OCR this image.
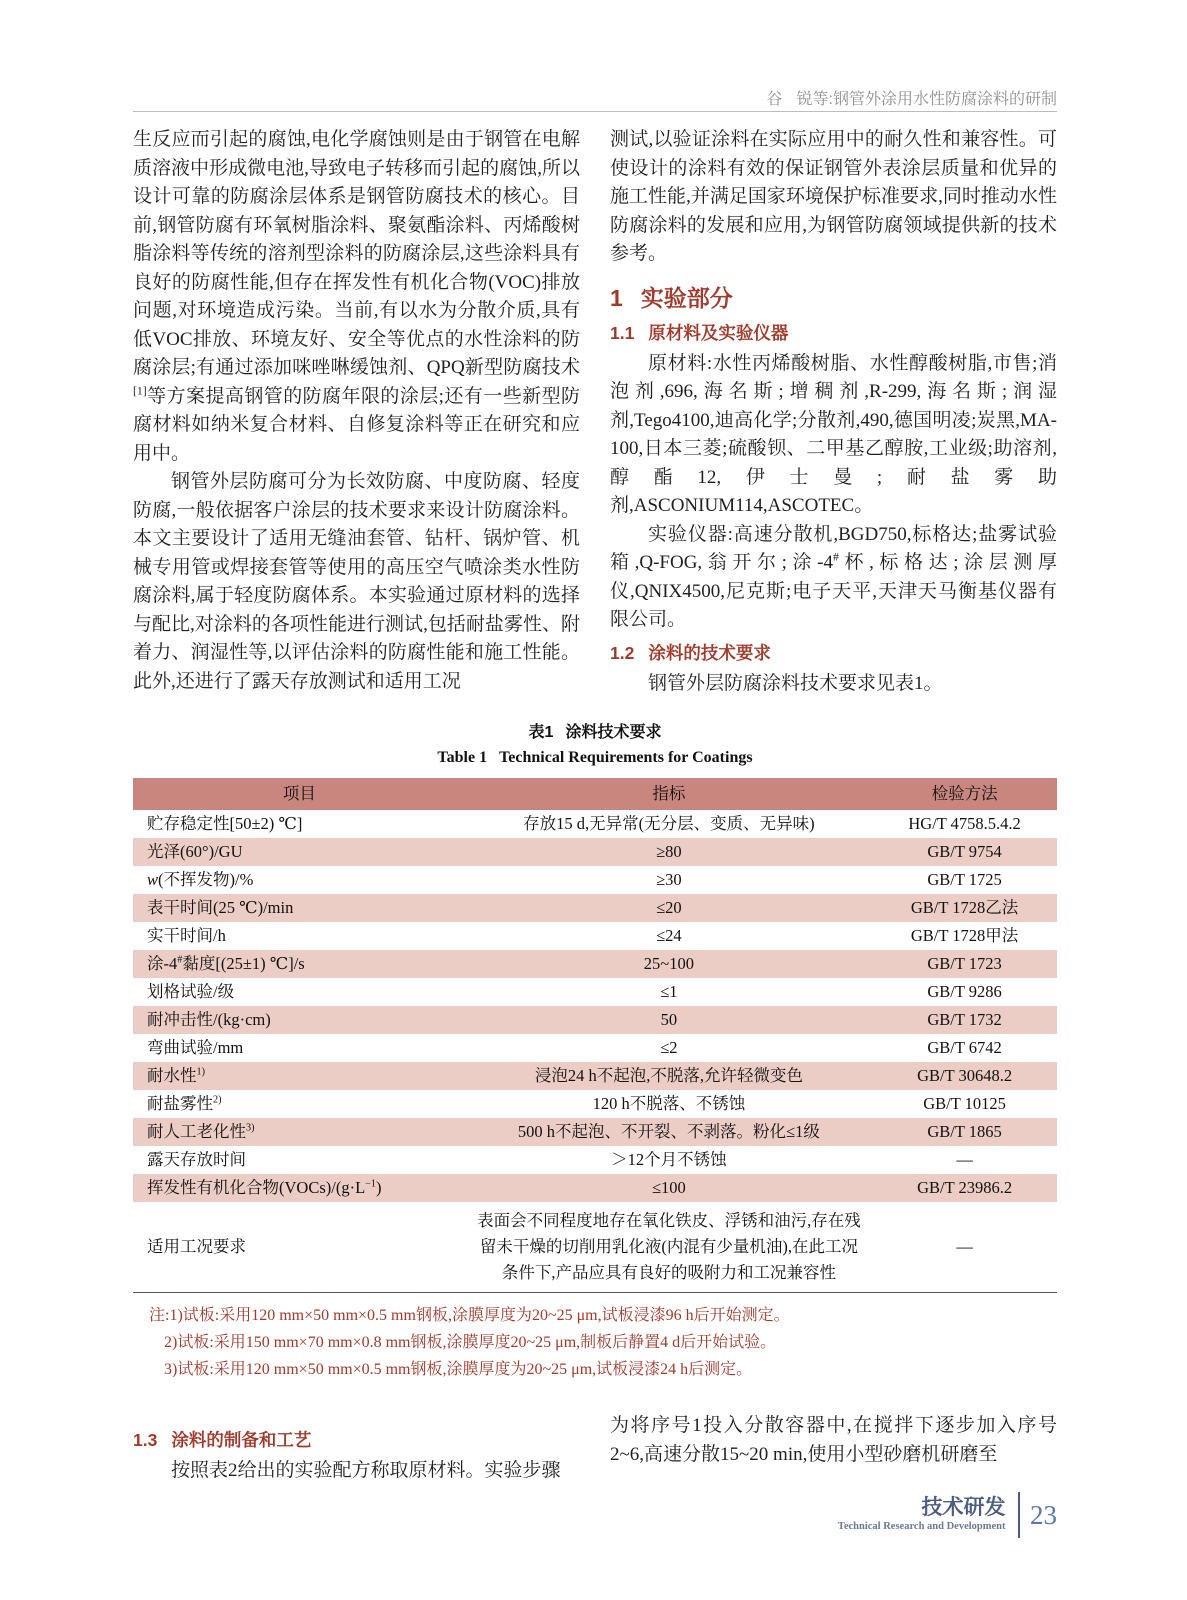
谷 锐等:钢管外涂用水性防腐涂料的研制

生反应而引起的腐蚀,电化学腐蚀则是由于钢管在电解质溶液中形成微电池,导致电子转移而引起的腐蚀,所以设计可靠的防腐涂层体系是钢管防腐技术的核心。目前,钢管防腐有环氧树脂涂料、聚氨酯涂料、丙烯酸树脂涂料等传统的溶剂型涂料的防腐涂层,这些涂料具有良好的防腐性能,但存在挥发性有机化合物(VOC)排放问题,对环境造成污染。当前,有以水为分散介质,具有低VOC排放、环境友好、安全等优点的水性涂料的防腐涂层;有通过添加咪唑啉缓蚀剂、QPQ新型防腐技术[1]等方案提高钢管的防腐年限的涂层;还有一些新型防腐材料如纳米复合材料、自修复涂料等正在研究和应用中。

钢管外层防腐可分为长效防腐、中度防腐、轻度防腐,一般依据客户涂层的技术要求来设计防腐涂料。本文主要设计了适用无缝油套管、钻杆、锅炉管、机械专用管或焊接套管等使用的高压空气喷涂类水性防腐涂料,属于轻度防腐体系。本实验通过原材料的选择与配比,对涂料的各项性能进行测试,包括耐盐雾性、附着力、润湿性等,以评估涂料的防腐性能和施工性能。此外,还进行了露天存放测试和适用工况

测试,以验证涂料在实际应用中的耐久性和兼容性。可使设计的涂料有效的保证钢管外表涂层质量和优异的施工性能,并满足国家环境保护标准要求,同时推动水性防腐涂料的发展和应用,为钢管防腐领域提供新的技术参考。

1 实验部分
1.1 原材料及实验仪器

原材料:水性丙烯酸树脂、水性醇酸树脂,市售;消泡剂,696,海名斯;增稠剂,R-299,海名斯;润湿剂,Tego4100,迪高化学;分散剂,490,德国明凌;炭黑,MA-100,日本三菱;硫酸钡、二甲基乙醇胺,工业级;助溶剂,醇酯12,伊士曼;耐盐雾助剂,ASCONIUM114,ASCOTEC。

实验仪器:高速分散机,BGD750,标格达;盐雾试验箱,Q-FOG,翁开尔;涂-4#杯,标格达;涂层测厚仪,QNIX4500,尼克斯;电子天平,天津天马衡基仪器有限公司。

1.2 涂料的技术要求

钢管外层防腐涂料技术要求见表1。

表1 涂料技术要求
Table 1 Technical Requirements for Coatings
项目	指标	检验方法
贮存稳定性[50±2) ℃]	存放15 d,无异常(无分层、变质、无异味)	HG/T 4758.5.4.2
光泽(60°)/GU	≥80	GB/T 9754
w(不挥发物)/%	≥30	GB/T 1725
表干时间(25 ℃)/min	≤20	GB/T 1728乙法
实干时间/h	≤24	GB/T 1728甲法
涂-4#黏度[(25±1) ℃]/s	25~100	GB/T 1723
划格试验/级	≤1	GB/T 9286
耐冲击性/(kg·cm)	50	GB/T 1732
弯曲试验/mm	≤2	GB/T 6742
耐水性$^{1)}$	浸泡24 h不起泡,不脱落,允许轻微变色	GB/T 30648.2
耐盐雾性$^{2)}$	120 h不脱落、不锈蚀	GB/T 10125
耐人工老化性$^{3)}$	500 h不起泡、不开裂、不剥落。粉化≤1级	GB/T 1865
露天存放时间	＞12个月不锈蚀	—
挥发性有机化合物$(VOCs)/(g\cdot L^{-1})$	≤100	GB/T 23986.2
适用工况要求	表面会不同程度地存在氧化铁皮、浮锈和油污,存在残留未干燥的切削用乳化液(内混有少量机油),在此工况条件下,产品应具有良好的吸附力和工况兼容性	—

注:1)试板:采用120 mm×50 mm×0.5 mm钢板,涂膜厚度为20~25 μm,试板浸漆96 h后开始测定。

2)试板:采用150 mm×70 mm×0.8 mm钢板,涂膜厚度20~25 μm,制板后静置4 d后开始试验。

3)试板:采用120 mm×50 mm×0.5 mm钢板,涂膜厚度为20~25 μm,试板浸漆24 h后测定。

1.3 涂料的制备和工艺

按照表2给出的实验配方称取原材料。实验步骤

为将序号1投入分散容器中,在搅拌下逐步加入序号2~6,高速分散15~20 min,使用小型砂磨机研磨至

技术研发
Technical Research and Development 23
